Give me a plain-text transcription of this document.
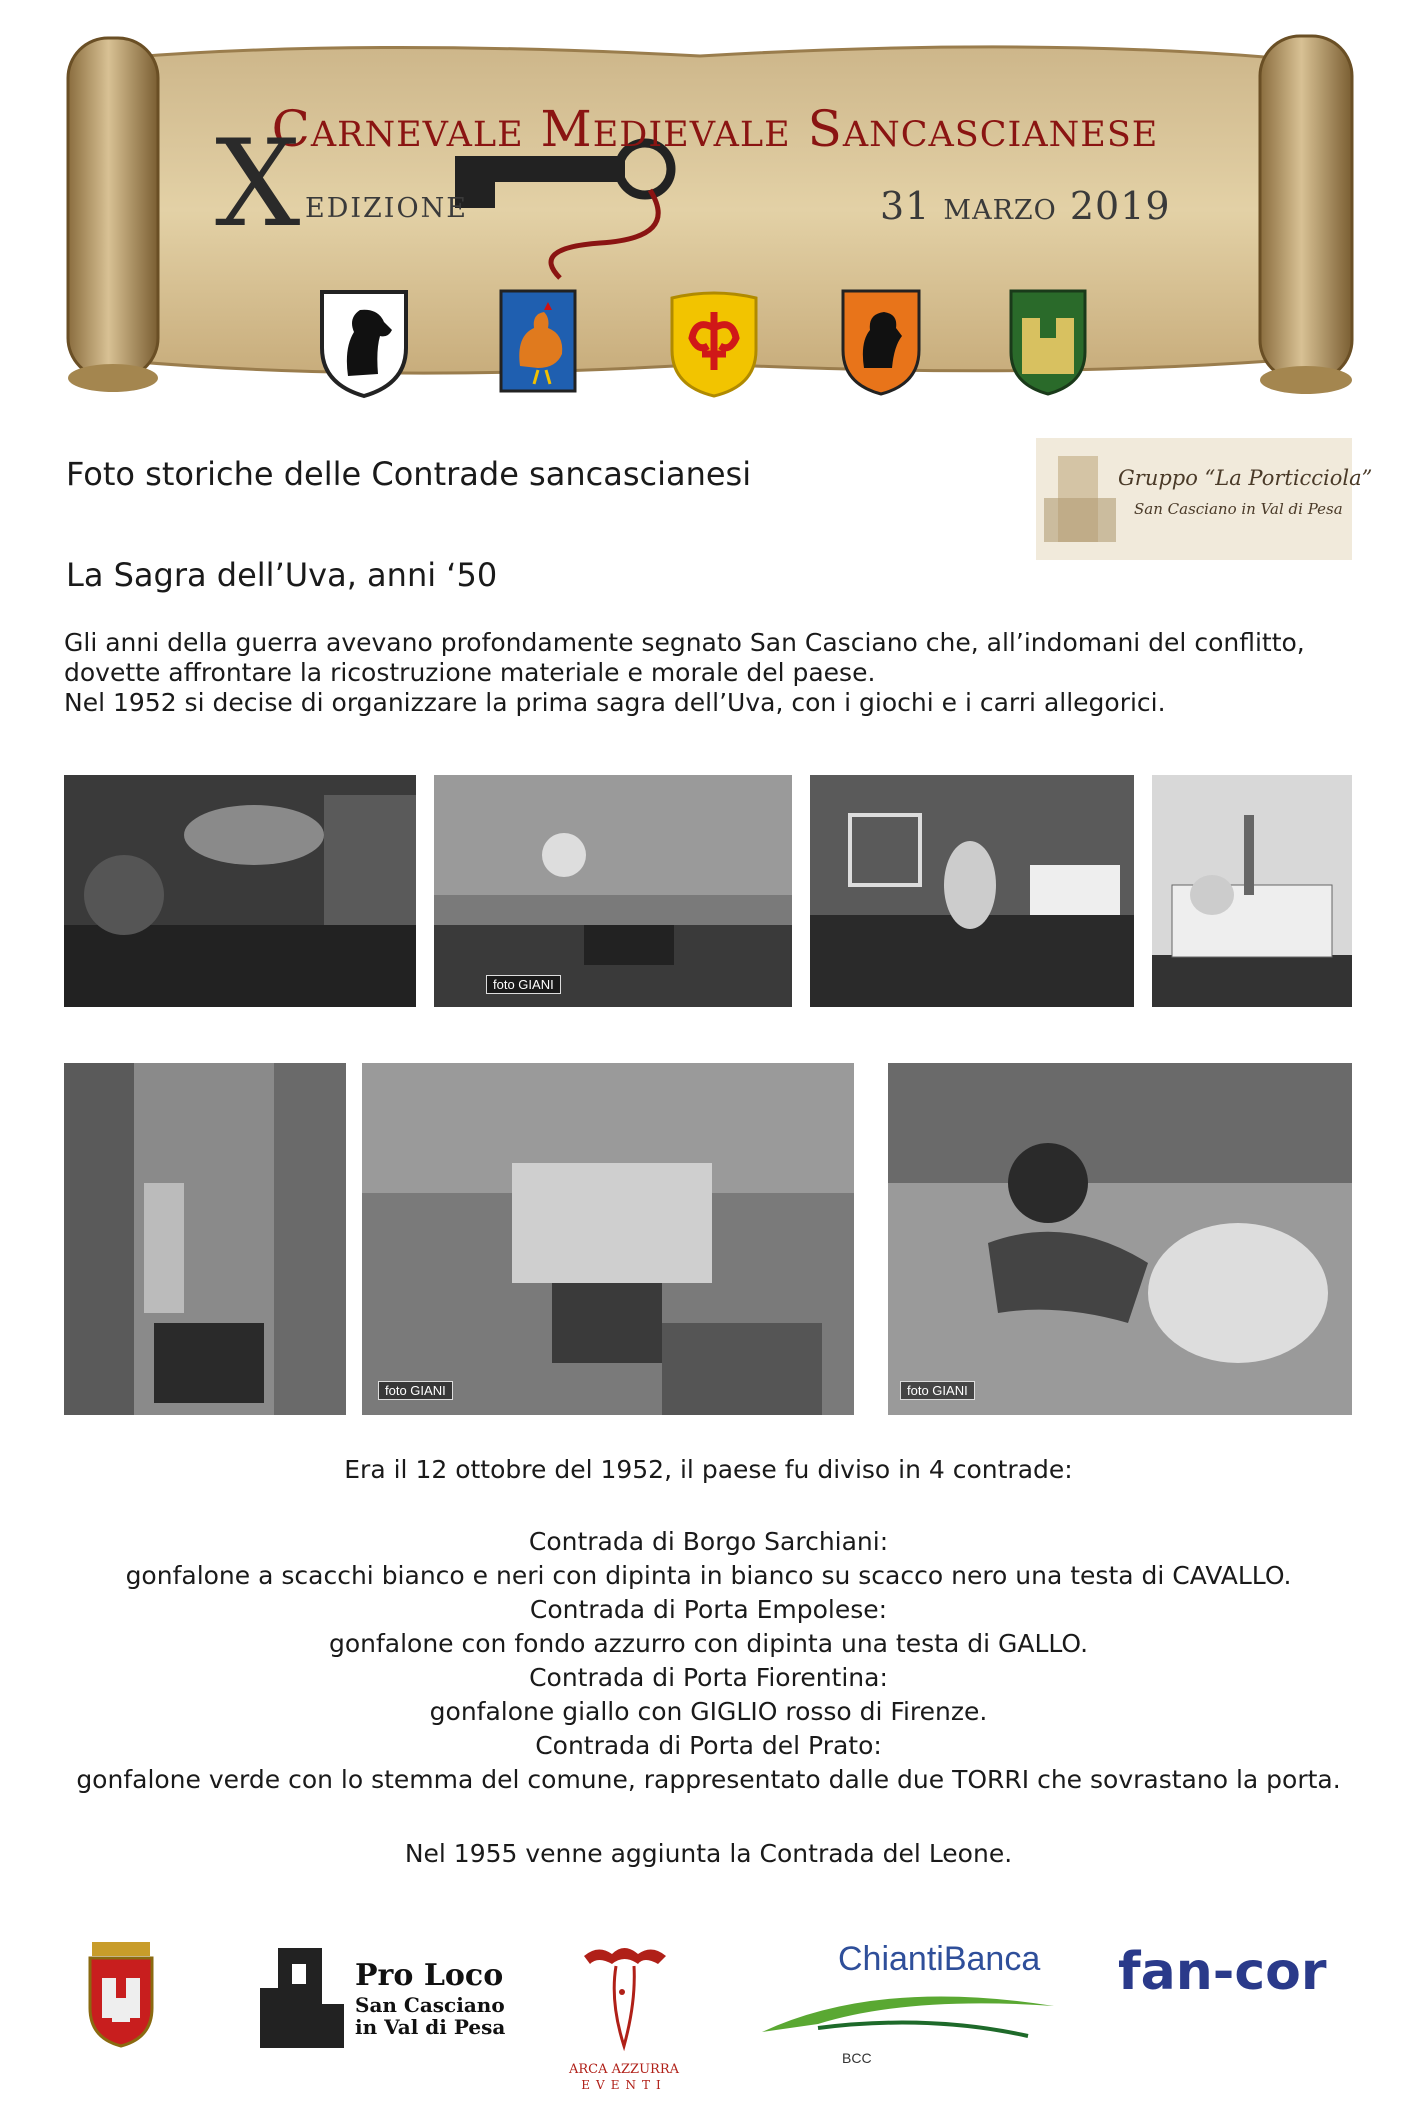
Carnevale Medievale Sancascianese
X edizione	31 marzo 2019
Foto storiche delle Contrade sancascianesi
La Sagra dell’Uva, anni ‘50
Gruppo “La Porticciola”
San Casciano in Val di Pesa

Gli anni della guerra avevano profondamente segnato San Casciano che, all’indomani del conflitto, dovette affrontare la ricostruzione materiale e morale del paese.

Nel 1952 si decise di organizzare la prima sagra dell’Uva, con i giochi e i carri allegorici.

foto GIANI
foto GIANI	foto GIANI
Era il 12 ottobre del 1952, il paese fu diviso in 4 contrade:

Contrada di Borgo Sarchiani:

gonfalone a scacchi bianco e neri con dipinta in bianco su scacco nero una testa di CAVALLO.

Contrada di Porta Empolese:

gonfalone con fondo azzurro con dipinta una testa di GALLO.

Contrada di Porta Fiorentina:

gonfalone giallo con GIGLIO rosso di Firenze.

Contrada di Porta del Prato:

gonfalone verde con lo stemma del comune, rappresentato dalle due TORRI che sovrastano la porta.

Nel 1955 venne aggiunta la Contrada del Leone.
Pro Loco
San Casciano
in Val di Pesa
ARCA AZZURRA
EVENTI
ChiantiBanca
BCC
fan-cor
